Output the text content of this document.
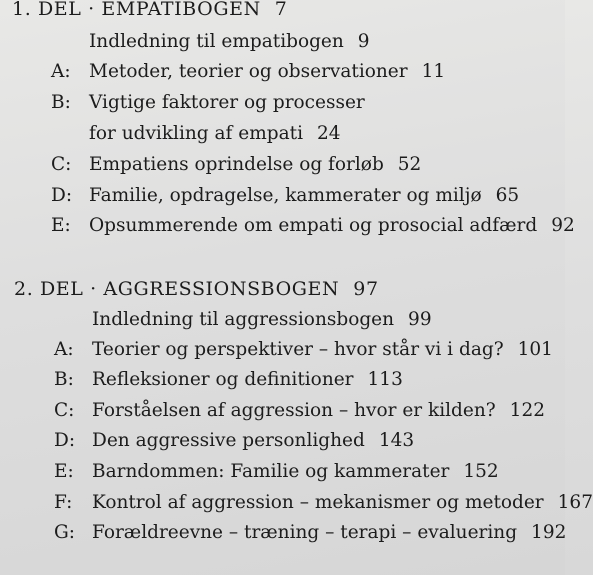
1. DEL · EMPATIBOGEN 7
Indledning til empatibogen 9
A: Metoder, teorier og observationer 11
B: Vigtige faktorer og processer
for udvikling af empati 24
C: Empatiens oprindelse og forløb 52
D: Familie, opdragelse, kammerater og miljø 65
E: Opsummerende om empati og prosocial adfærd 92
2. DEL · AGGRESSIONSBOGEN 97
Indledning til aggressionsbogen 99
A: Teorier og perspektiver – hvor står vi i dag? 101
B: Refleksioner og definitioner 113
C: Forståelsen af aggression – hvor er kilden? 122
D: Den aggressive personlighed 143
E: Barndommen: Familie og kammerater 152
F: Kontrol af aggression – mekanismer og metoder 167
G: Forældreevne – træning – terapi – evaluering 192
